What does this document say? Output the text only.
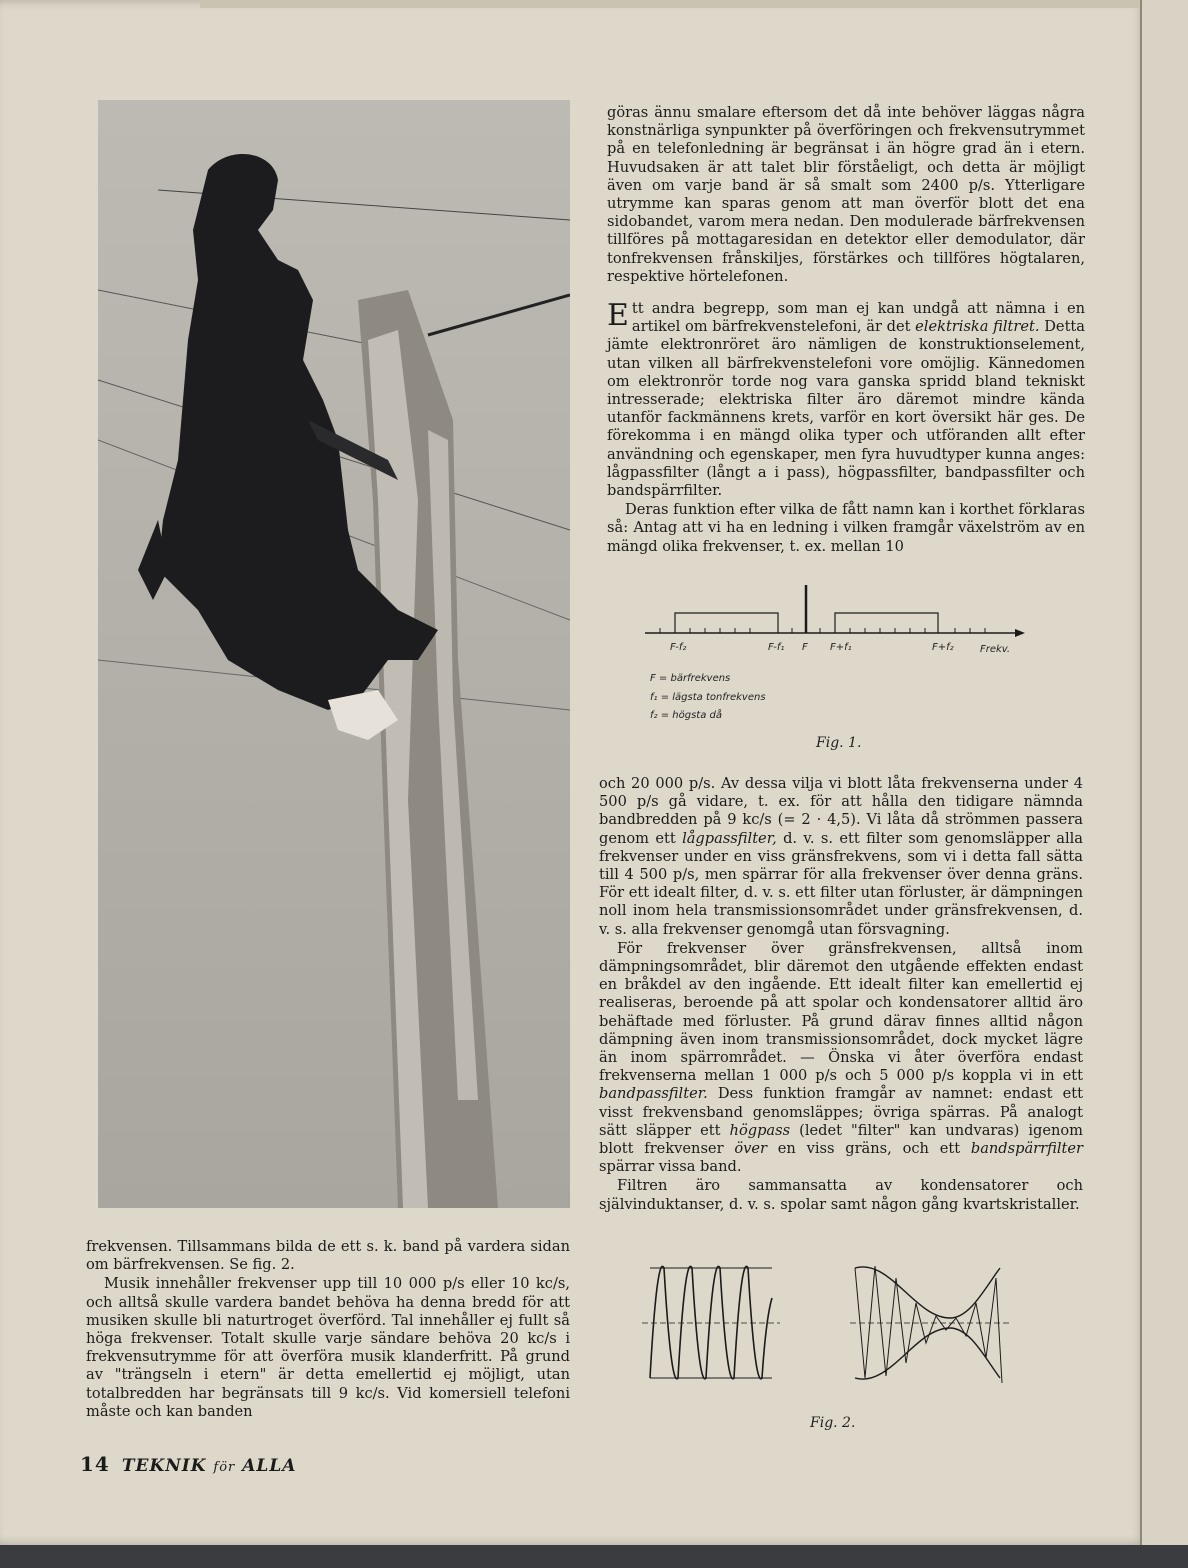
göras ännu smalare eftersom det då inte behöver läggas några konstnärliga synpunkter på överföringen och frekvensutrymmet på en telefonledning är begränsat i än högre grad än i etern. Huvudsaken är att talet blir förståeligt, och detta är möjligt även om varje band är så smalt som 2400 p/s. Ytterligare utrymme kan sparas genom att man överför blott det ena sidobandet, varom mera nedan. Den modulerade bärfrekvensen tillföres på mottagaresidan en detektor eller demodulator, där tonfrekvensen frånskiljes, förstärkes och tillföres högtalaren, respektive hörtelefonen.

Ett andra begrepp, som man ej kan undgå att nämna i en artikel om bärfrekvenstelefoni, är det elektriska filtret. Detta jämte elektronröret äro nämligen de konstruktionselement, utan vilken all bärfrekvenstelefoni vore omöjlig. Kännedomen om elektronrör torde nog vara ganska spridd bland tekniskt intresserade; elektriska filter äro däremot mindre kända utanför fackmännens krets, varför en kort översikt här ges. De förekomma i en mängd olika typer och utföranden allt efter användning och egenskaper, men fyra huvudtyper kunna anges: lågpassfilter (långt a i pass), högpassfilter, bandpassfilter och bandspärrfilter.

Deras funktion efter vilka de fått namn kan i korthet förklaras så: Antag att vi ha en ledning i vilken framgår växelström av en mängd olika frekvenser, t. ex. mellan 10

F-f₂	F-f₁ F F+f₁	F+f₂	Frekv.
F = bärfrekvens
f₁ = lägsta tonfrekvens
f₂ = högsta då
Fig. 1.

och 20 000 p/s. Av dessa vilja vi blott låta frekvenserna under 4 500 p/s gå vidare, t. ex. för att hålla den tidigare nämnda bandbredden på 9 kc/s (= 2 · 4,5). Vi låta då strömmen passera genom ett lågpassfilter, d. v. s. ett filter som genomsläpper alla frekvenser under en viss gränsfrekvens, som vi i detta fall sätta till 4 500 p/s, men spärrar för alla frekvenser över denna gräns. För ett idealt filter, d. v. s. ett filter utan förluster, är dämpningen noll inom hela transmissionsområdet under gränsfrekvensen, d. v. s. alla frekvenser genomgå utan försvagning.

För frekvenser över gränsfrekvensen, alltså inom dämpningsområdet, blir däremot den utgående effekten endast en bråkdel av den ingående. Ett idealt filter kan emellertid ej realiseras, beroende på att spolar och kondensatorer alltid äro behäftade med förluster. På grund därav finnes alltid någon dämpning även inom transmissionsområdet, dock mycket lägre än inom spärrområdet. — Önska vi åter överföra endast frekvenserna mellan 1 000 p/s och 5 000 p/s koppla vi in ett bandpassfilter. Dess funktion framgår av namnet: endast ett visst frekvensband genomsläppes; övriga spärras. På analogt sätt släpper ett högpass (ledet "filter" kan undvaras) igenom blott frekvenser över en viss gräns, och ett bandspärrfilter spärrar vissa band.

Filtren äro sammansatta av kondensatorer och självinduktanser, d. v. s. spolar samt någon gång kvartskristaller.

Fig. 2.

frekvensen. Tillsammans bilda de ett s. k. band på vardera sidan om bärfrekvensen. Se fig. 2.

Musik innehåller frekvenser upp till 10 000 p/s eller 10 kc/s, och alltså skulle vardera bandet behöva ha denna bredd för att musiken skulle bli naturtroget överförd. Tal innehåller ej fullt så höga frekvenser. Totalt skulle varje sändare behöva 20 kc/s i frekvensutrymme för att överföra musik klanderfritt. På grund av "trängseln i etern" är detta emellertid ej möjligt, utan totalbredden har begränsats till 9 kc/s. Vid komersiell telefoni måste och kan banden

14 TEKNIK för ALLA
